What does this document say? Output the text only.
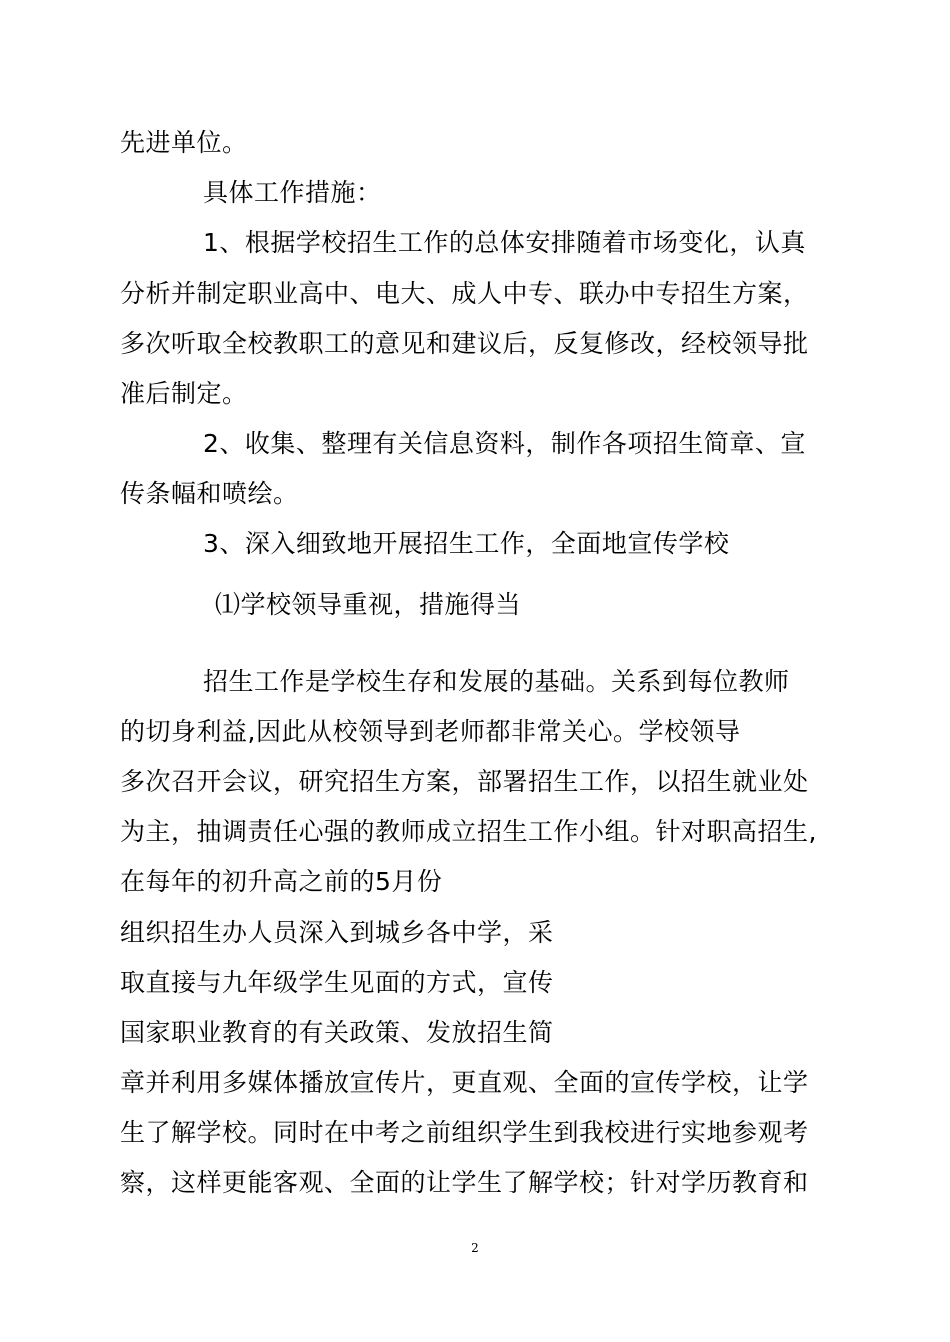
先进单位。
具体工作措施：
1、根据学校招生工作的总体安排随着市场变化，认真
分析并制定职业高中、电大、成人中专、联办中专招生方案，
多次听取全校教职工的意见和建议后，反复修改，经校领导批
准后制定。
2、收集、整理有关信息资料，制作各项招生简章、宣
传条幅和喷绘。
3、深入细致地开展招生工作，全面地宣传学校
⑴学校领导重视，措施得当
招生工作是学校生存和发展的基础。关系到每位教师
的切身利益,因此从校领导到老师都非常关心。学校领导
多次召开会议，研究招生方案，部署招生工作，以招生就业处
为主，抽调责任心强的教师成立招生工作小组。针对职高招生,
在每年的初升高之前的5月份
组织招生办人员深入到城乡各中学，采
取直接与九年级学生见面的方式，宣传
国家职业教育的有关政策、发放招生简
章并利用多媒体播放宣传片，更直观、全面的宣传学校，让学
生了解学校。同时在中考之前组织学生到我校进行实地参观考
察，这样更能客观、全面的让学生了解学校；针对学历教育和
2
